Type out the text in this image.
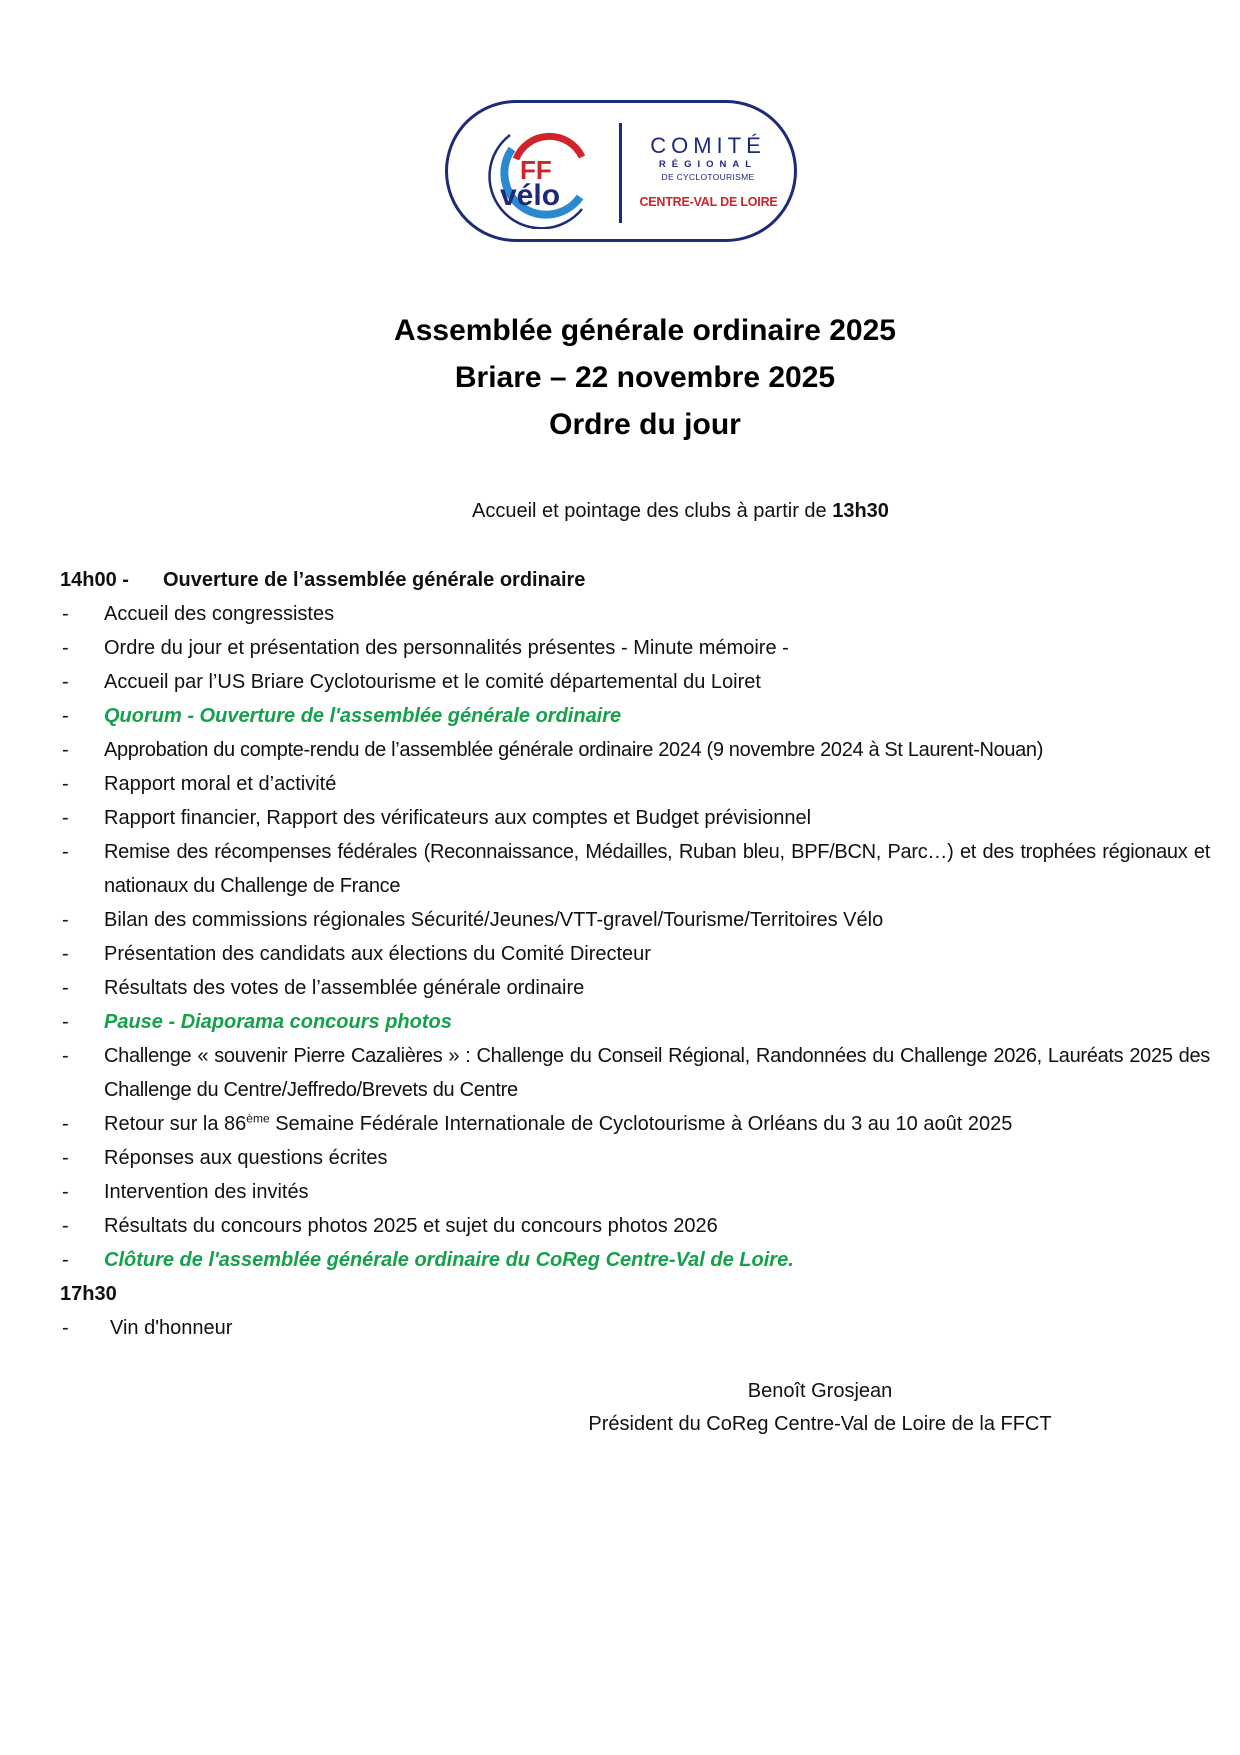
FF
vélo
COMITÉ
RÉGIONAL
DE CYCLOTOURISME
CENTRE-VAL DE LOIRE
Assemblée générale ordinaire 2025
Briare – 22 novembre 2025
Ordre du jour
Accueil et pointage des clubs à partir de 13h30
14h00 -	Ouverture de l’assemblée générale ordinaire
-	Accueil des congressistes
-	Ordre du jour et présentation des personnalités présentes - Minute mémoire -
-	Accueil par l’US Briare Cyclotourisme et le comité départemental du Loiret
-	Quorum - Ouverture de l'assemblée générale ordinaire
-	Approbation du compte-rendu de l’assemblée générale ordinaire 2024 (9 novembre 2024 à St Laurent-Nouan)
-	Rapport moral et d’activité
-	Rapport financier, Rapport des vérificateurs aux comptes et Budget prévisionnel
-	Remise des récompenses fédérales (Reconnaissance, Médailles, Ruban bleu, BPF/BCN, Parc…) et des trophées régionaux et nationaux du Challenge de France
-	Bilan des commissions régionales Sécurité/Jeunes/VTT-gravel/Tourisme/Territoires Vélo
-	Présentation des candidats aux élections du Comité Directeur
-	Résultats des votes de l’assemblée générale ordinaire
-	Pause - Diaporama concours photos
-	Challenge « souvenir Pierre Cazalières » : Challenge du Conseil Régional, Randonnées du Challenge 2026, Lauréats 2025 des Challenge du Centre/Jeffredo/Brevets du Centre
-	Retour sur la 86ème Semaine Fédérale Internationale de Cyclotourisme à Orléans du 3 au 10 août 2025
-	Réponses aux questions écrites
-	Intervention des invités
-	Résultats du concours photos 2025 et sujet du concours photos 2026
-	Clôture de l'assemblée générale ordinaire du CoReg Centre-Val de Loire.
17h30
-	Vin d'honneur
Benoît Grosjean
Président du CoReg Centre-Val de Loire de la FFCT
